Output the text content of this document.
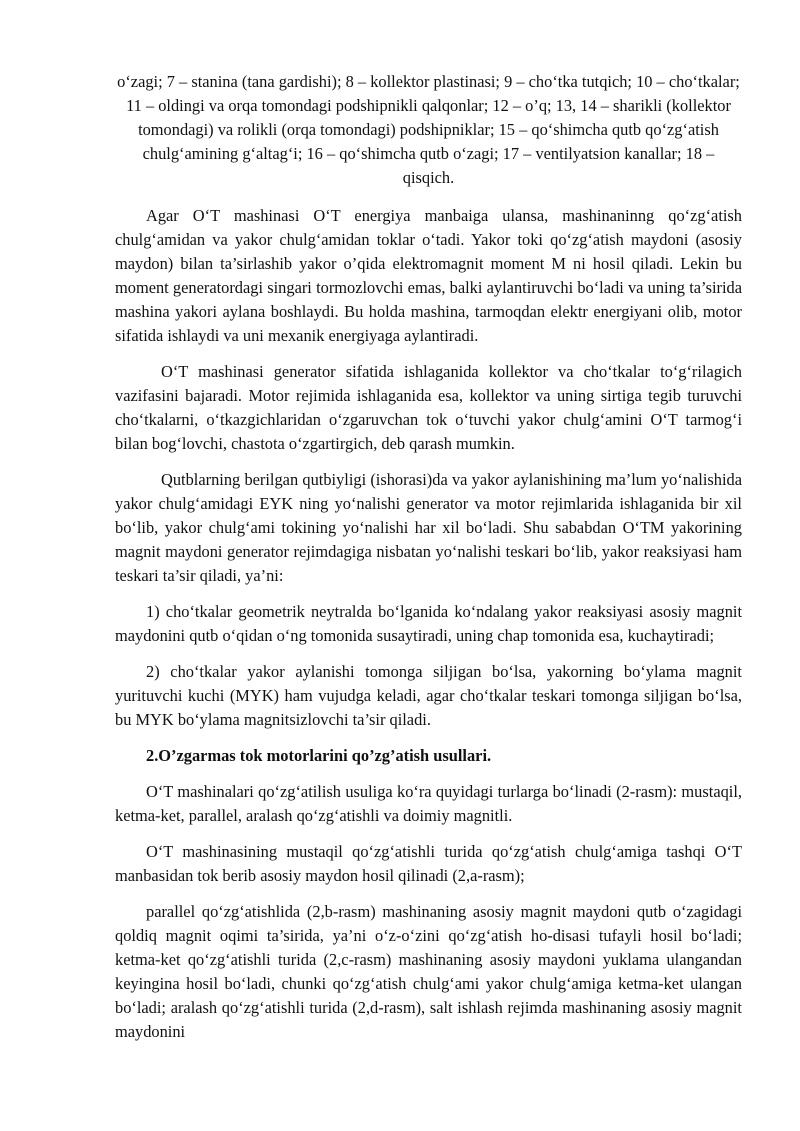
o‘zagi; 7 – stanina (tana gardishi); 8 – kollektor plastinasi; 9 – cho‘tka tutqich; 10 – cho‘tkalar; 11 – oldingi va orqa tomondagi podshipnikli qalqonlar; 12 – o’q; 13, 14 – sharikli (kollektor tomondagi) va rolikli (orqa tomondagi) podshipniklar; 15 – qo‘shimcha qutb qo‘zg‘atish chulg‘amining g‘altag‘i; 16 – qo‘shimcha qutb o‘zagi; 17 – ventilyatsion kanallar; 18 – qisqich.

Agar O‘T mashinasi O‘T energiya manbaiga ulansa, mashinaninng qo‘zg‘atish chulg‘amidan va yakor chulg‘amidan toklar o‘tadi. Yakor toki qo‘zg‘atish maydoni (asosiy maydon) bilan ta’sirlashib yakor o’qida elektromagnit moment M ni hosil qiladi. Lekin bu moment generatordagi singari tormozlovchi emas, balki aylantiruvchi bo‘ladi va uning ta’sirida mashina yakori aylana boshlaydi. Bu holda mashina, tarmoqdan elektr energiyani olib, motor sifatida ishlaydi va uni mexanik energiyaga aylantiradi.

O‘T mashinasi generator sifatida ishlaganida kollektor va cho‘tkalar to‘g‘rilagich vazifasini bajaradi. Motor rejimida ishlaganida esa, kollektor va uning sirtiga tegib turuvchi cho‘tkalarni, o‘tkazgichlaridan o‘zgaruvchan tok o‘tuvchi yakor chulg‘amini O‘T tarmog‘i bilan bog‘lovchi, chastota o‘zgartirgich, deb qarash mumkin.

Qutblarning berilgan qutbiyligi (ishorasi)da va yakor aylanishining ma’lum yo‘nalishida yakor chulg‘amidagi EYK ning yo‘nalishi generator va motor rejimlarida ishlaganida bir xil bo‘lib, yakor chulg‘ami tokining yo‘nalishi har xil bo‘ladi. Shu sababdan O‘TM yakorining magnit maydoni generator rejimdagiga nisbatan yo‘nalishi teskari bo‘lib, yakor reaksiyasi ham teskari ta’sir qiladi, ya’ni:

1) cho‘tkalar geometrik neytralda bo‘lganida ko‘ndalang yakor reaksiyasi asosiy magnit maydonini qutb o‘qidan o‘ng tomonida susaytiradi, uning chap tomonida esa, kuchaytiradi;

2) cho‘tkalar yakor aylanishi tomonga siljigan bo‘lsa, yakorning bo‘ylama magnit yurituvchi kuchi (MYK) ham vujudga keladi, agar cho‘tkalar teskari tomonga siljigan bo‘lsa, bu MYK bo‘ylama magnitsizlovchi ta’sir qiladi.

2.O’zgarmas tok motorlarini qo’zg’atish usullari.

O‘T mashinalari qo‘zg‘atilish usuliga ko‘ra quyidagi turlarga bo‘linadi (2-rasm): mustaqil, ketma-ket, parallel, aralash qo‘zg‘atishli va doimiy magnitli.

O‘T mashinasining mustaqil qo‘zg‘atishli turida qo‘zg‘atish chulg‘amiga tashqi O‘T manbasidan tok berib asosiy maydon hosil qilinadi (2,a-rasm);

parallel qo‘zg‘atishlida (2,b-rasm) mashinaning asosiy magnit maydoni qutb o‘zagidagi qoldiq magnit oqimi ta’sirida, ya’ni o‘z-o‘zini qo‘zg‘atish ho-disasi tufayli hosil bo‘ladi; ketma-ket qo‘zg‘atishli turida (2,c-rasm) mashinaning asosiy maydoni yuklama ulangandan keyingina hosil bo‘ladi, chunki qo‘zg‘atish chulg‘ami yakor chulg‘amiga ketma-ket ulangan bo‘ladi; aralash qo‘zg‘atishli turida (2,d-rasm), salt ishlash rejimda mashinaning asosiy magnit maydonini
